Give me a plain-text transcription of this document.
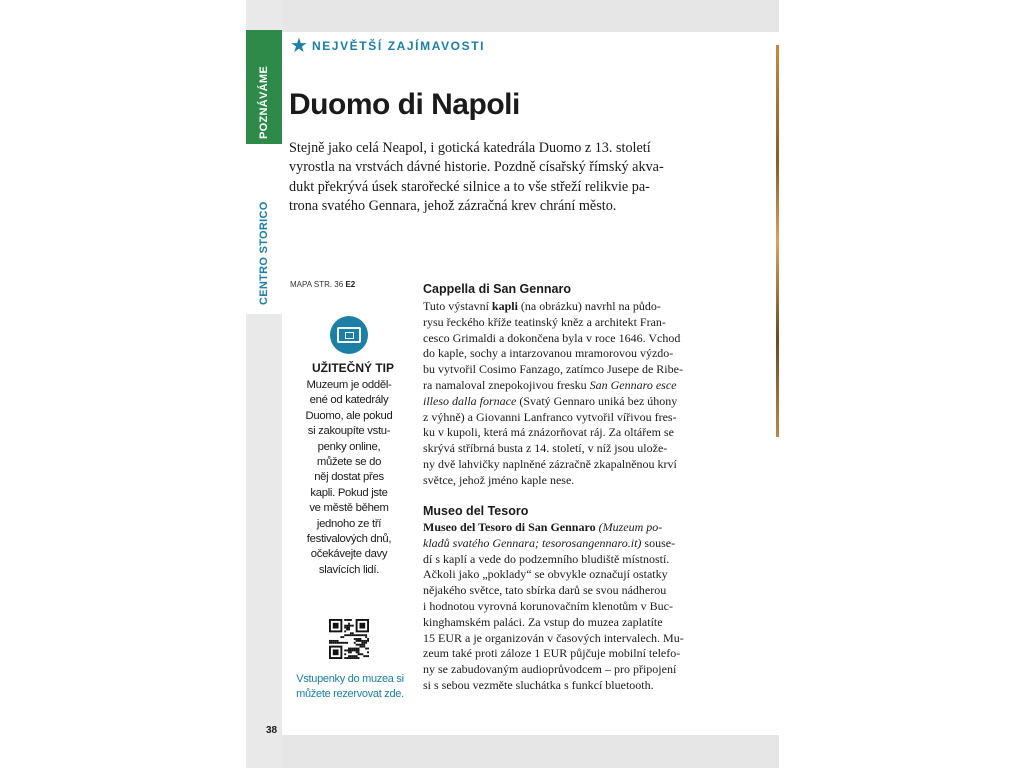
POZNÁVÁME
CENTRO STORICO
★ NEJVĚTŠÍ ZAJÍMAVOSTI
Duomo di Napoli

Stejně jako celá Neapol, i gotická katedrála Duomo z 13. století
vyrostla na vrstvách dávné historie. Pozdně císařský římský akva-
dukt překrývá úsek starořecké silnice a to vše střeží relikvie pa-
trona svatého Gennara, jehož zázračná krev chrání město.

MAPA STR. 36 E2
UŽITEČNÝ TIP
Muzeum je odděl-
ené od katedrály
Duomo, ale pokud
si zakoupíte vstu-
penky online,
můžete se do
něj dostat přes
kapli. Pokud jste
ve městě během
jednoho ze tří
festivalových dnů,
očekávejte davy
slavících lidí.
Vstupenky do muzea si
můžete rezervovat zde.
Cappella di San Gennaro
Tuto výstavní kapli (na obrázku) navrhl na půdo-
rysu řeckého kříže teatinský kněz a architekt Fran-
cesco Grimaldi a dokončena byla v roce 1646. Vchod
do kaple, sochy a intarzovanou mramorovou výzdo-
bu vytvořil Cosimo Fanzago, zatímco Jusepe de Ribe-
ra namaloval znepokojivou fresku San Gennaro esce
illeso dalla fornace (Svatý Gennaro uniká bez úhony
z výhně) a Giovanni Lanfranco vytvořil vířivou fres-
ku v kupoli, která má znázorňovat ráj. Za oltářem se
skrývá stříbrná busta z 14. století, v níž jsou ulože-
ny dvě lahvičky naplněné zázračně zkapalněnou krví
světce, jehož jméno kaple nese.
Museo del Tesoro
Museo del Tesoro di San Gennaro (Muzeum po-
kladů svatého Gennara; tesorosangennaro.it) souse-
dí s kaplí a vede do podzemního bludiště místností.
Ačkoli jako „poklady“ se obvykle označují ostatky
nějakého světce, tato sbírka darů se svou nádherou
i hodnotou vyrovná korunovačním klenotům v Buc-
kinghamském paláci. Za vstup do muzea zaplatíte
15 EUR a je organizován v časových intervalech. Mu-
zeum také proti záloze 1 EUR půjčuje mobilní telefo-
ny se zabudovaným audioprůvodcem – pro připojení
si s sebou vezměte sluchátka s funkcí bluetooth.
38
